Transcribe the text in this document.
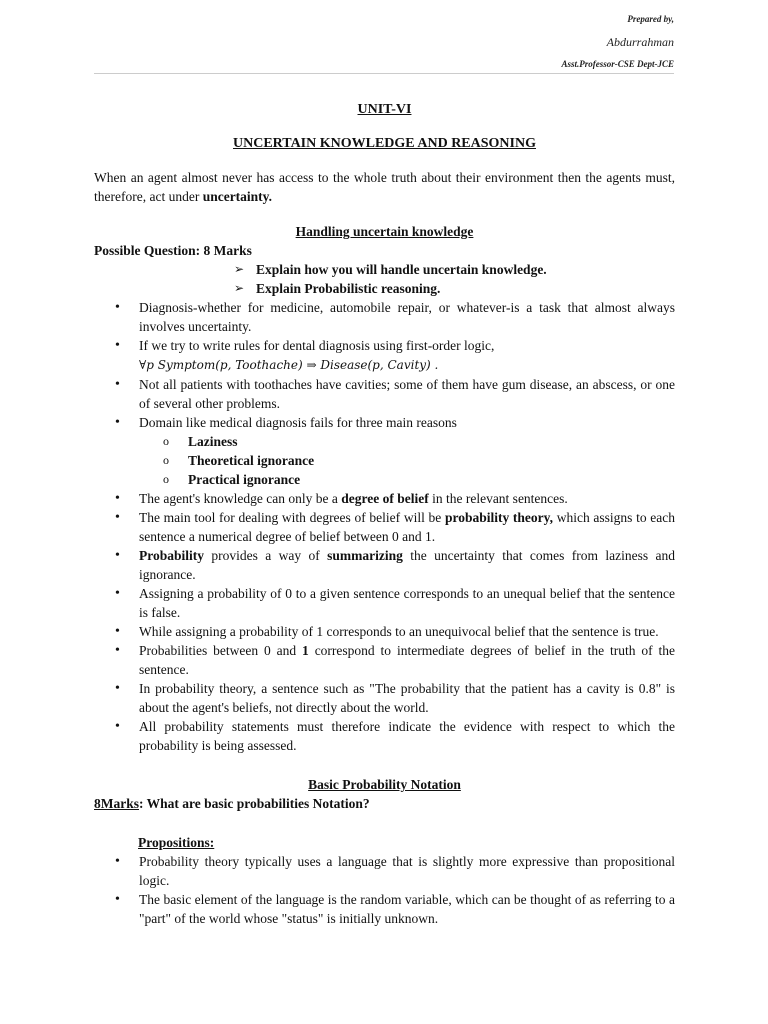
Prepared by,
Abdurrahman
Asst.Professor-CSE Dept-JCE
UNIT-VI
UNCERTAIN KNOWLEDGE AND REASONING
When an agent almost never has access to the whole truth about their environment then the agents must, therefore, act under uncertainty.
Handling uncertain knowledge
Possible Question: 8 Marks
➢ Explain how you will handle uncertain knowledge.
➢ Explain Probabilistic reasoning.
• Diagnosis-whether for medicine, automobile repair, or whatever-is a task that almost always involves uncertainty.
• If we try to write rules for dental diagnosis using first-order logic,
∀p Symptom(p, Toothache) ⇒ Disease(p, Cavity) .
• Not all patients with toothaches have cavities; some of them have gum disease, an abscess, or one of several other problems.
• Domain like medical diagnosis fails for three main reasons
o Laziness
o Theoretical ignorance
o Practical ignorance
• The agent's knowledge can only be a degree of belief in the relevant sentences.
• The main tool for dealing with degrees of belief will be probability theory, which assigns to each sentence a numerical degree of belief between 0 and 1.
• Probability provides a way of summarizing the uncertainty that comes from laziness and ignorance.
• Assigning a probability of 0 to a given sentence corresponds to an unequal belief that the sentence is false.
• While assigning a probability of 1 corresponds to an unequivocal belief that the sentence is true.
• Probabilities between 0 and 1 correspond to intermediate degrees of belief in the truth of the sentence.
• In probability theory, a sentence such as "The probability that the patient has a cavity is 0.8" is about the agent's beliefs, not directly about the world.
• All probability statements must therefore indicate the evidence with respect to which the probability is being assessed.
Basic Probability Notation
8Marks: What are basic probabilities Notation?
Propositions:
• Probability theory typically uses a language that is slightly more expressive than propositional logic.
• The basic element of the language is the random variable, which can be thought of as referring to a "part" of the world whose "status" is initially unknown.
